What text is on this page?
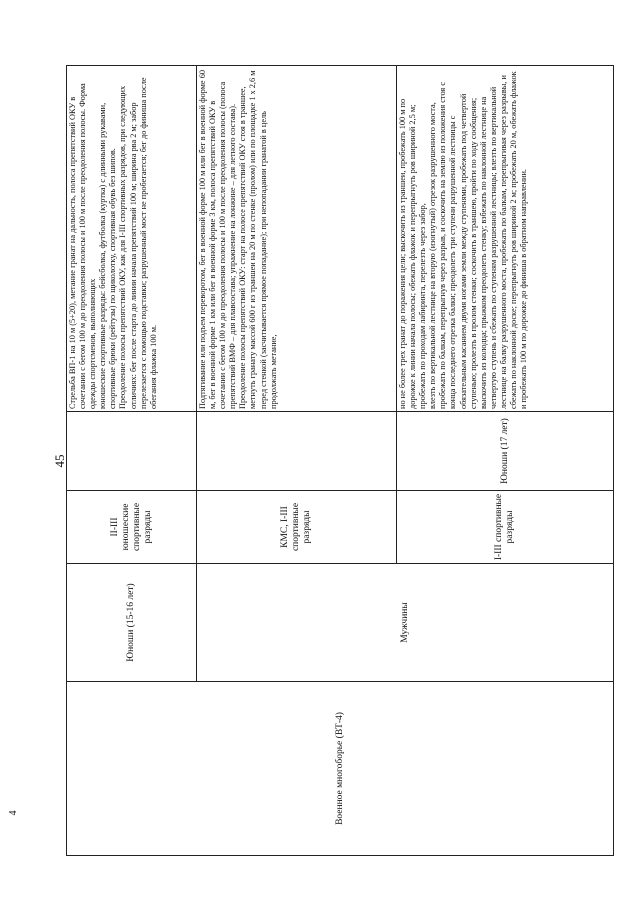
45
Военное многоборье (ВТ-4)	Юноши (15-16 лет)	II-III юношеские спортивные разряды		Стрельба ВП-1 на 10 м (5+20), метание гранат на дальность, полоса препятствий ОКУ в сочетании с бегом 100 м до преодоления полосы и 100 м после преодоления полосы. Форма одежды спортсменов, выполняющих юношеские спортивные разряды: бейсболка, футболка (куртка) с длинными рукавами, спортивные брюки (рейтузы) по щиколотку, спортивная обувь без шипов. Преодоление полосы препятствий ОКУ, как для I-III спортивных разрядов, при следующих отличиях: бег после старта до линии начала препятствий 100 м; ширина рва 2 м; забор перелезается с помощью подставки; разрушенный мост не пробегается; бег до финиша после обегания флажка 100 м.

	Мужчины	КМС, I-III спортивные разряды		Подтягивание или подъем переворотом, бег в военной форме 100 м или бег в военной форме 60 м, бег в военной форме 1 км или бег в военной форме 3 км, полоса препятствий ОКУ в сочетании с бегом 100 м до преодоления полосы и 100 м после преодоления полосы (полоса препятствий ВМФ – для плавсостава; упражнение на лонжине – для летного состава). Преодоление полосы препятствий ОКУ: старт на полосе препятствий ОКУ стоя в траншее, метнуть гранату массой 600 г из траншеи на 20 м по стенке (пролом) или по площадке 1 х 2,6 м перед стенкой (засчитывается прямое попадание); при непопадании гранатой в цель продолжать метание,

		I-III спортивные разряды	Юноши (17 лет)	но не более трех гранат до поражения цели; выскочить из траншеи, пробежать 100 м по дорожке к линии начала полосы; обежать флажок и перепрыгнуть ров шириной 2,5 м; пробежать по проходам лабиринта, перелезть через забор, влезть по вертикальной лестнице на вторую (изогнутый) отрезок разрушенного моста, пробежать по балкам, перепрыгнув через разрыв, и соскочить на землю из положения стоя с конца последнего отрезка балки; преодолеть три ступени разрушенной лестницы с обязательным касанием двумя ногами земли между ступенями, пробежать под четвертой ступенью; пролезть в пролом стенки; соскочить в траншею, пройти по ходу сообщения; выскочить из колодца; прыжком преодолеть стенку; взбежать по наклонной лестнице на четвертую ступень и сбежать по ступеням разрушенной лестницы; влезть по вертикальной лестнице на балку разрушенного моста, пробежать по балкам, перепрыгивая через разрывы, и сбежать по наклонной доске; перепрыгнуть ров шириной 2 м; пробежать 20 м, обежать флажок и пробежать 100 м по дорожке до финиша в обратном направлении.

4
